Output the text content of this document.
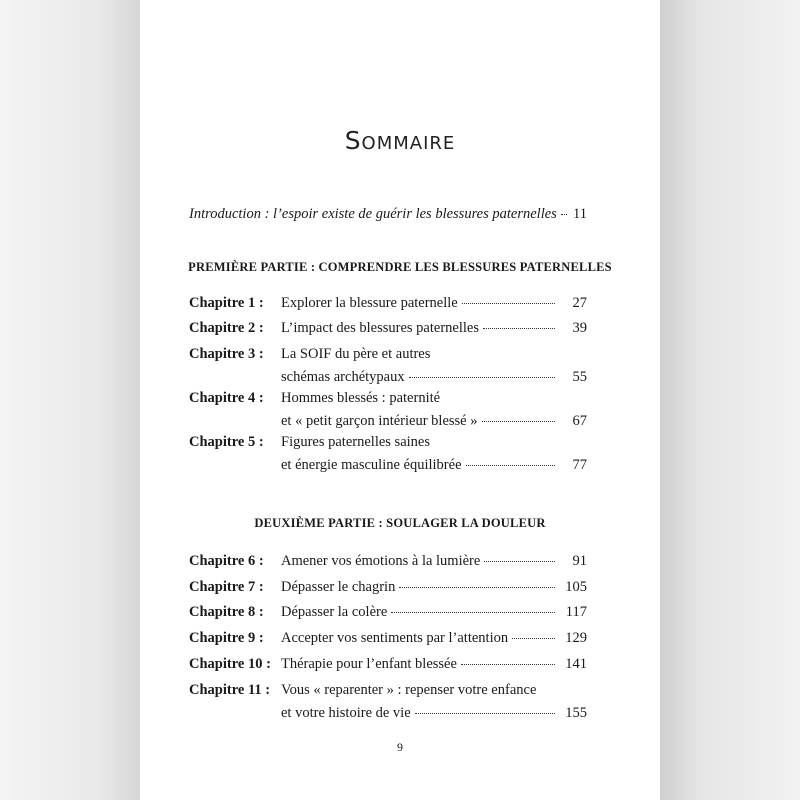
Sommaire
Introduction : l’espoir existe de guérir les blessures paternelles 11
PREMIÈRE PARTIE : COMPRENDRE LES BLESSURES PATERNELLES
Chapitre 1 :	Explorer la blessure paternelle	27
Chapitre 2 :	L’impact des blessures paternelles	39
Chapitre 3 :	La SOIF du père et autres
schémas archétypaux	55
Chapitre 4 :	Hommes blessés : paternité
et « petit garçon intérieur blessé »	67
Chapitre 5 :	Figures paternelles saines
et énergie masculine équilibrée	77
DEUXIÈME PARTIE : SOULAGER LA DOULEUR
Chapitre 6 :	Amener vos émotions à la lumière	91
Chapitre 7 :	Dépasser le chagrin	105
Chapitre 8 :	Dépasser la colère	117
Chapitre 9 :	Accepter vos sentiments par l’attention	129
Chapitre 10 : Thérapie pour l’enfant blessée	141
Chapitre 11 : Vous « reparenter » : repenser votre enfance
et votre histoire de vie	155
9
